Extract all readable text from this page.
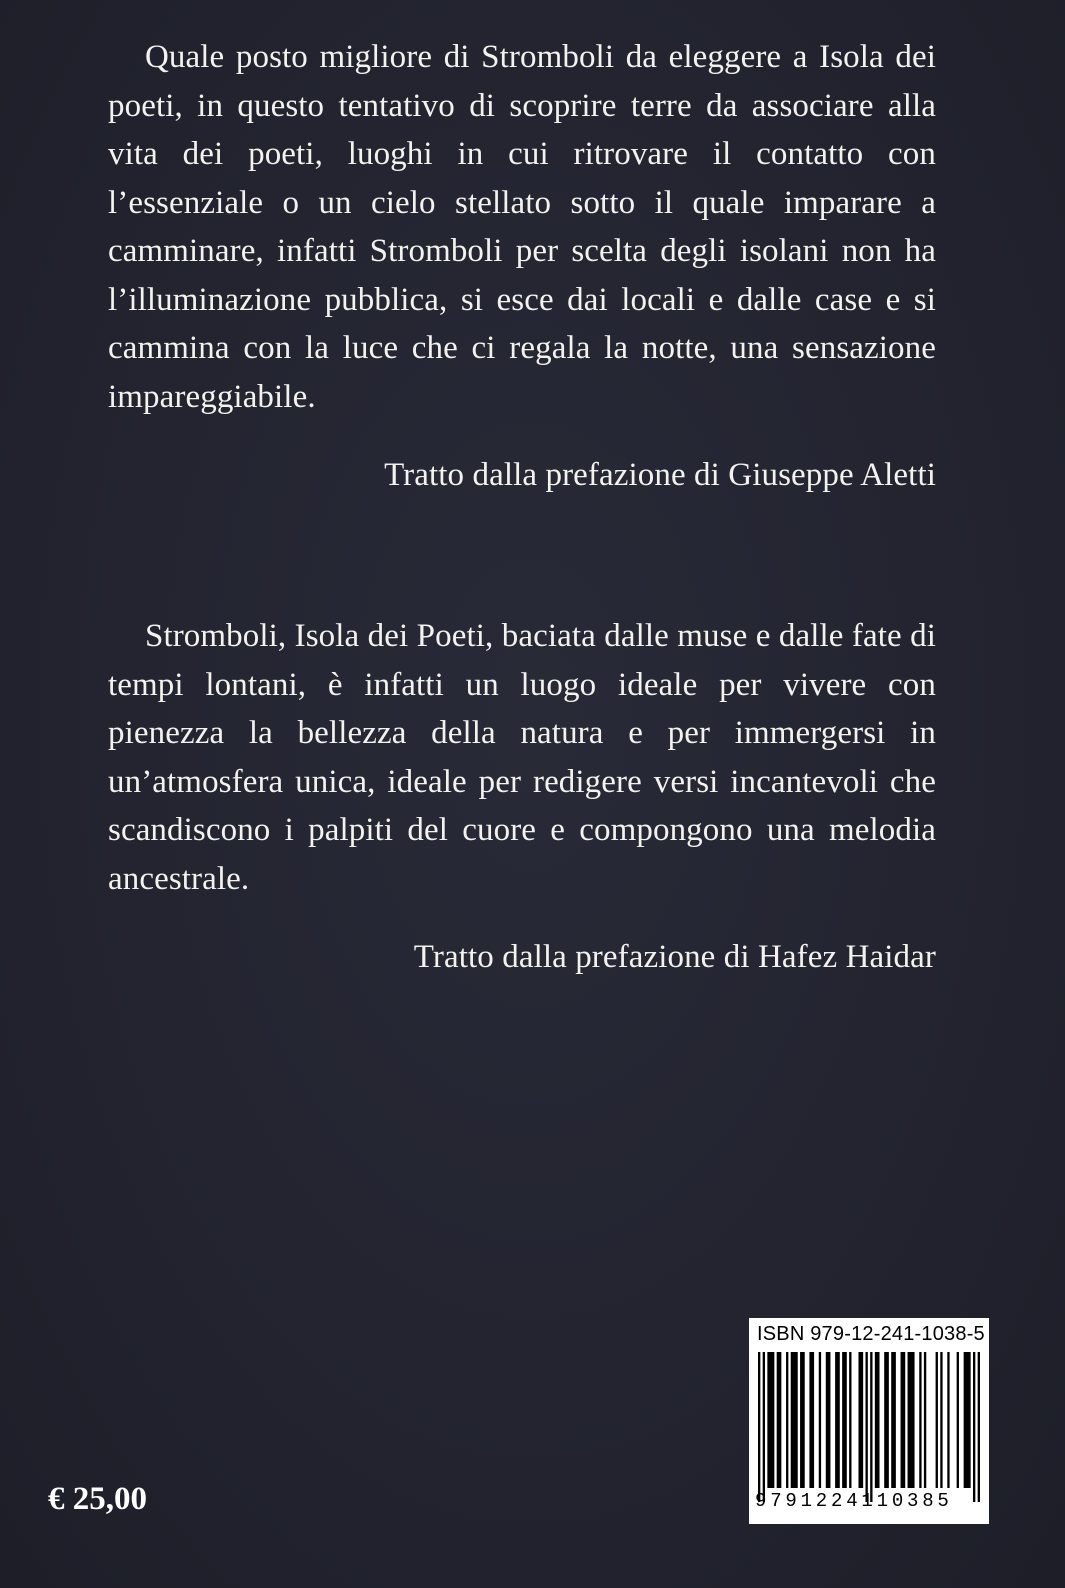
Quale posto migliore di Stromboli da eleggere a Isola dei poeti, in questo tentativo di scoprire terre da associare alla vita dei poeti, luoghi in cui ritrovare il contatto con l’essenziale o un cielo stellato sotto il quale imparare a camminare, infatti Stromboli per scelta degli isolani non ha l’illuminazione pubblica, si esce dai locali e dalle case e si cammina con la luce che ci regala la notte, una sensazione impareggiabile.

Tratto dalla prefazione di Giuseppe Aletti

Stromboli, Isola dei Poeti, baciata dalle muse e dalle fate di tempi lontani, è infatti un luogo ideale per vivere con pienezza la bellezza della natura e per immergersi in un’atmosfera unica, ideale per redigere versi incantevoli che scandiscono i palpiti del cuore e compongono una melodia ancestrale.

Tratto dalla prefazione di Hafez Haidar

€ 25,00
ISBN 979-12-241-1038-5
9791224110385
